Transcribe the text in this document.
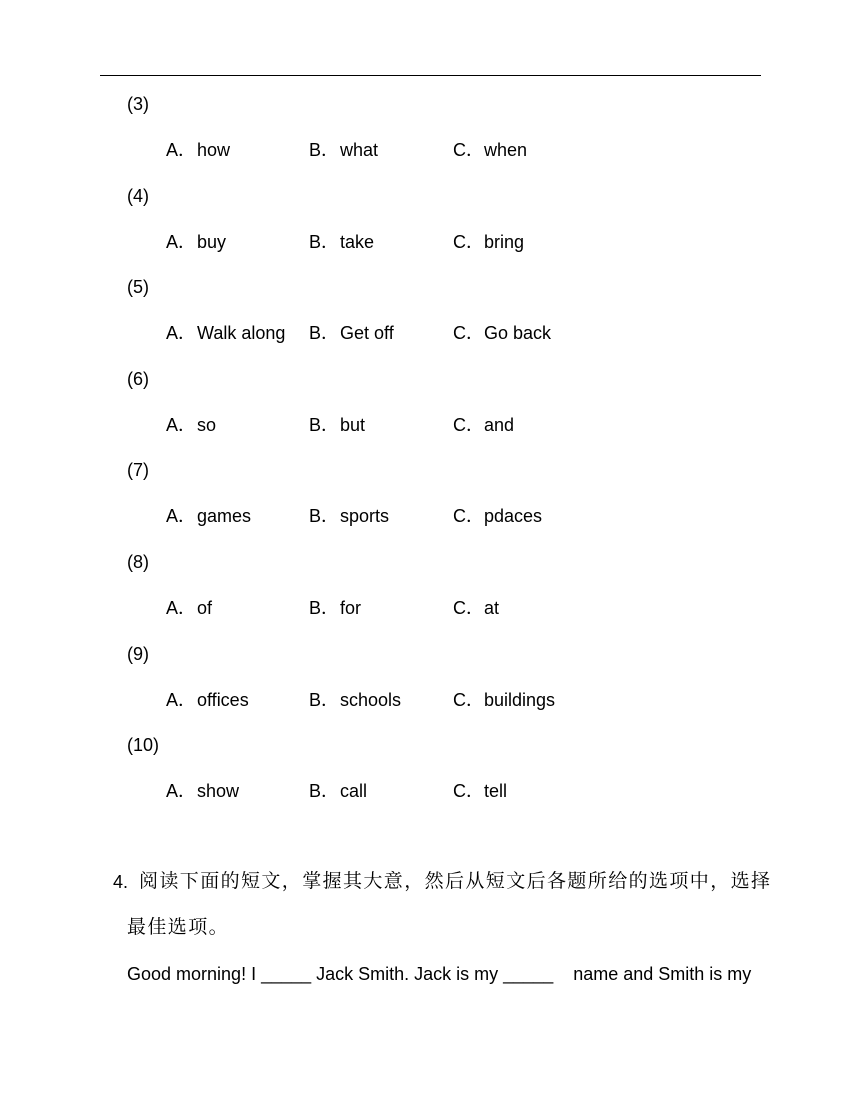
(3)
A．how	B．what	C．when
(4)
A．buy	B．take	C．bring
(5)
A．Walk along B．Get off	C．Go back
(6)
A．so	B．but	C．and
(7)
A．games	B．sports	C．pdaces
(8)
A．of	B．for	C．at
(9)
A．offices	B．schools	C．buildings
(10)
A．show	B．call	C．tell
4. 阅读下面的短文，掌握其大意，然后从短文后各题所给的选项中，选择
最佳选项。
Good morning! I _____ Jack Smith. Jack is my _____    name and Smith is my
